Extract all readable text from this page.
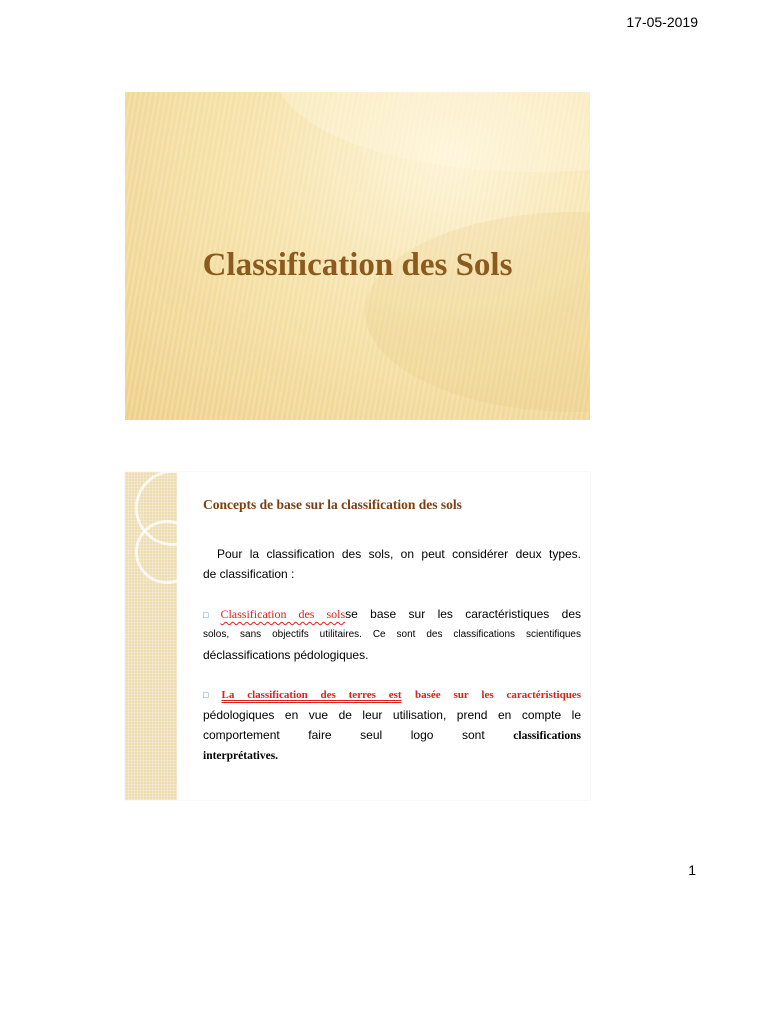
17-05-2019
Classification des Sols
Concepts de base sur la classification des sols
Pour la classification des sols, on peut considérer deux types.
de classification :
□ Classification des solsse base sur les caractéristiques des
solos, sans objectifs utilitaires. Ce sont des classifications scientifiques
déclassifications pédologiques.
□ La classification des terres est basée sur les caractéristiques
pédologiques en vue de leur utilisation, prend en compte le
comportement faire seul logo sont classifications
interprétatives.
1
